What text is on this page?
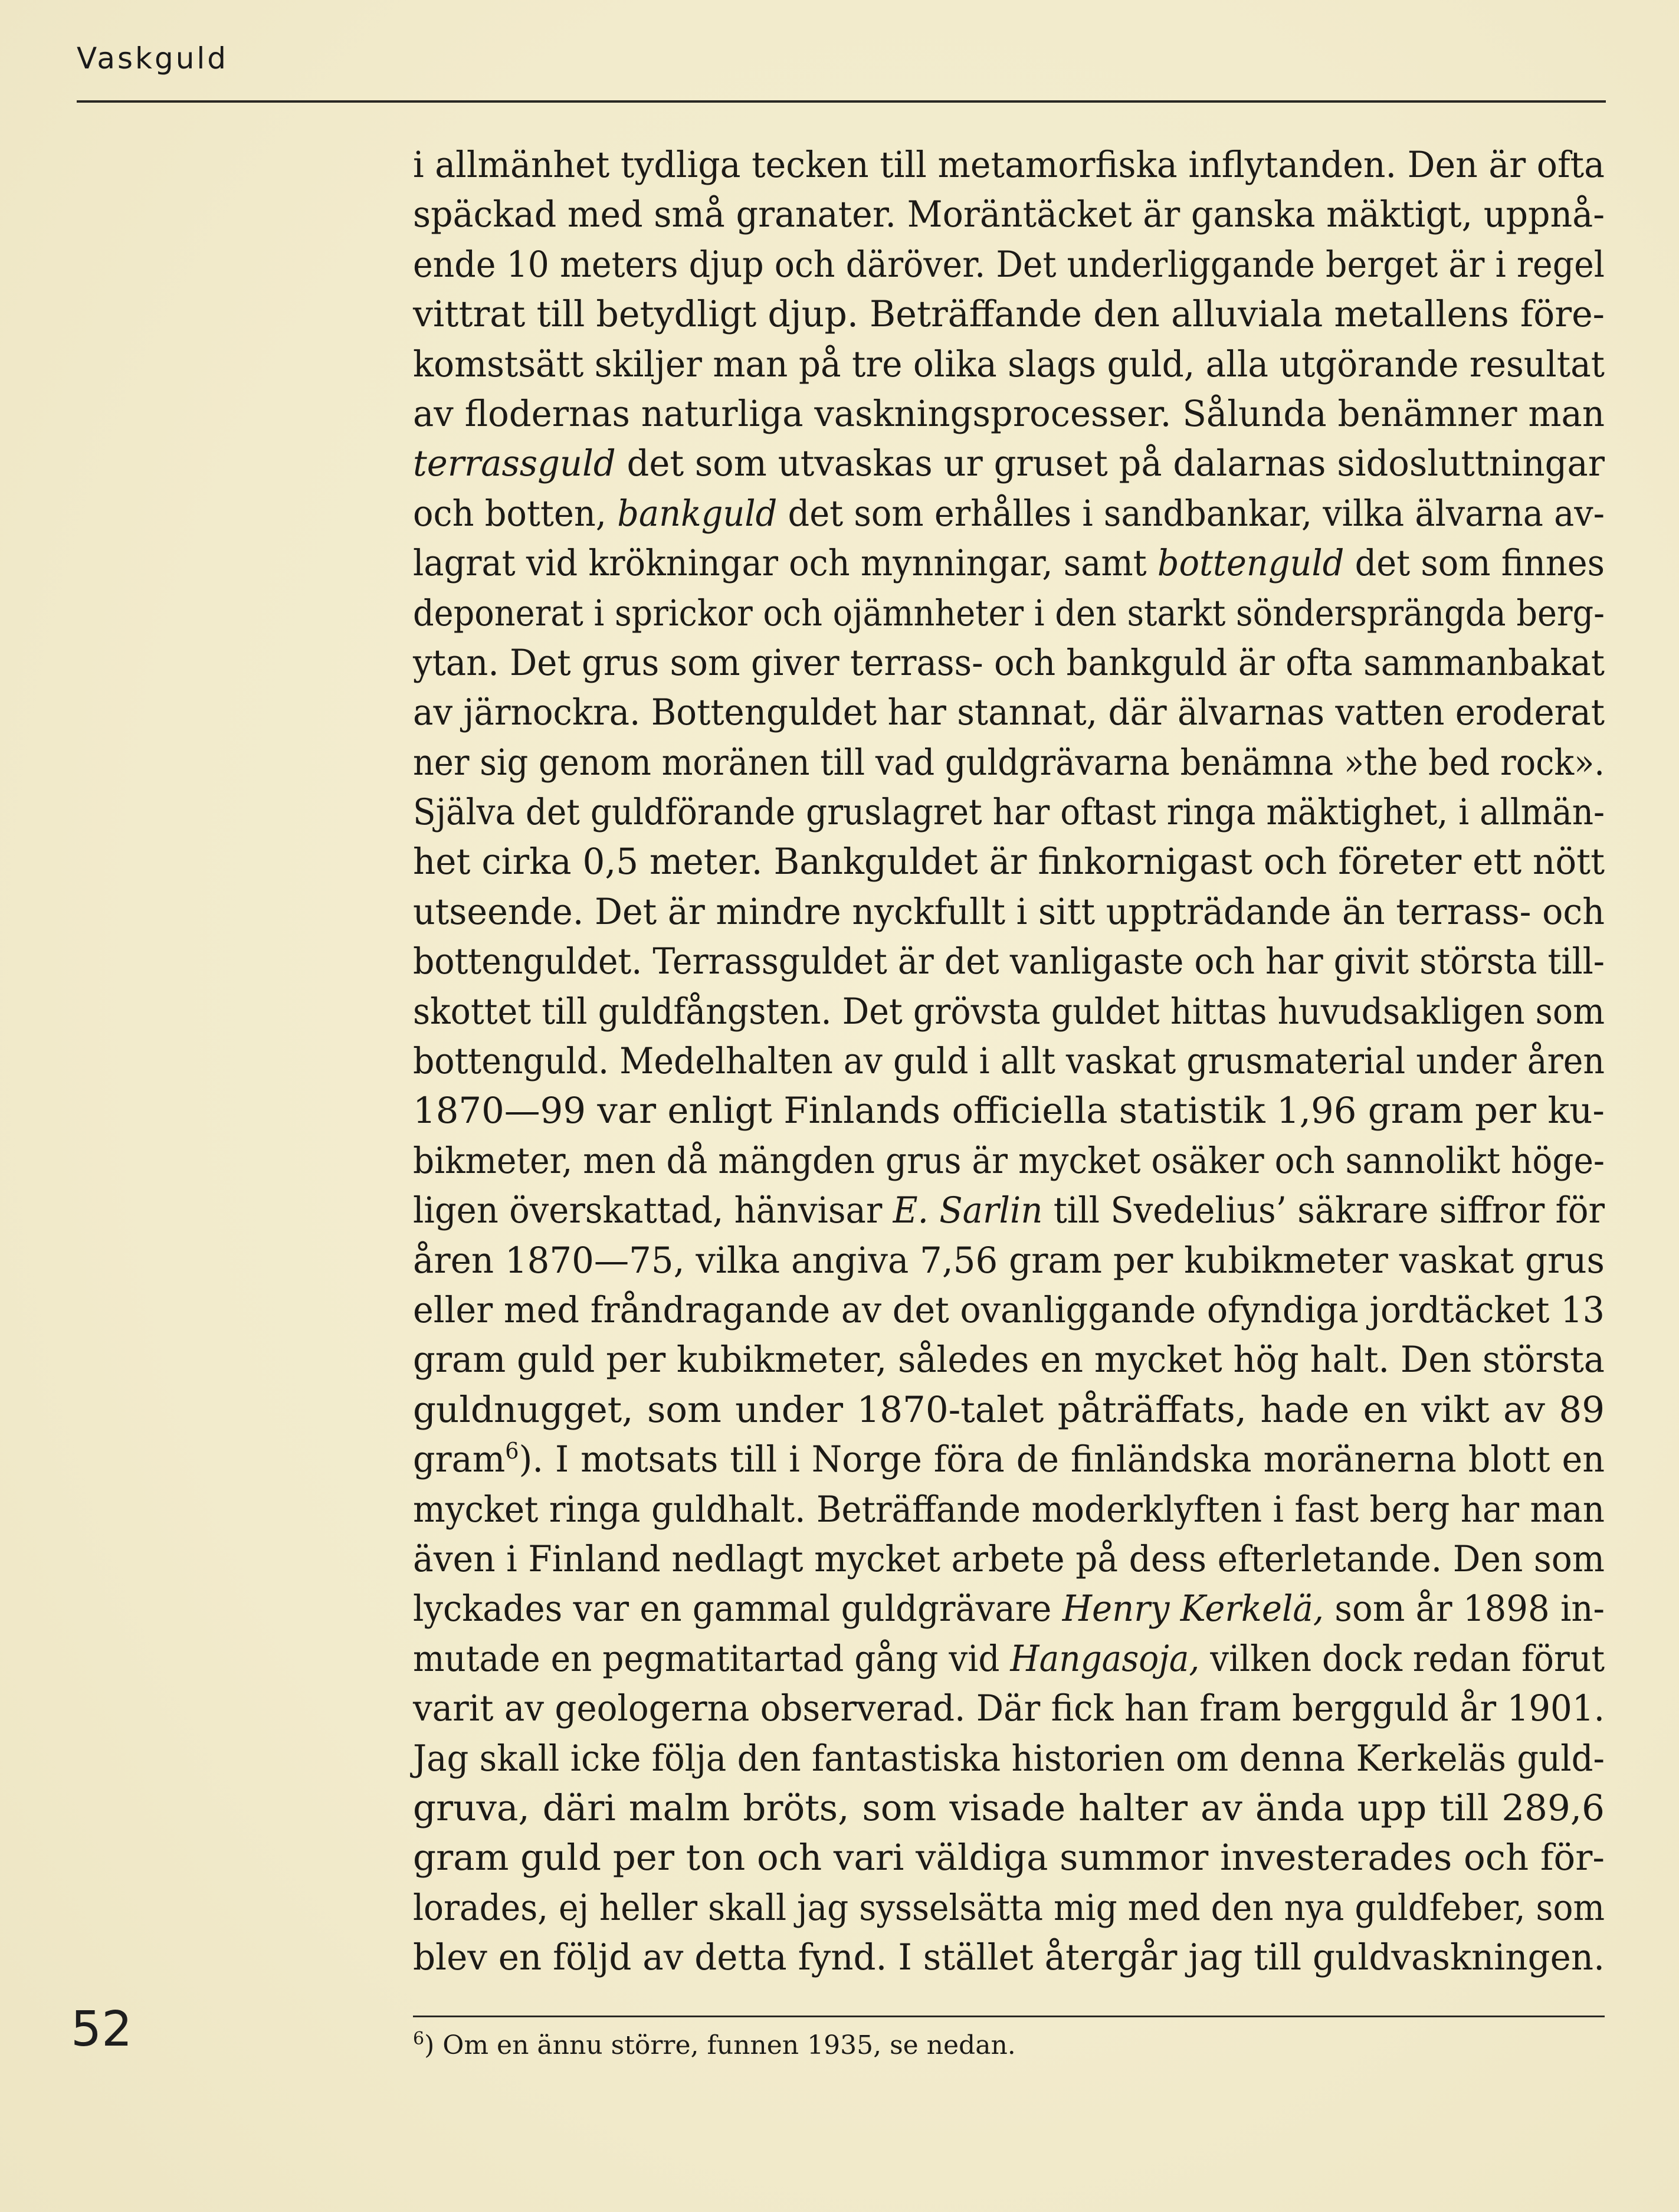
Vaskguld
i allmänhet tydliga tecken till metamorfiska inflytanden. Den är ofta
späckad med små granater. Moräntäcket är ganska mäktigt, uppnå-
ende 10 meters djup och däröver. Det underliggande berget är i regel
vittrat till betydligt djup. Beträffande den alluviala metallens före-
komstsätt skiljer man på tre olika slags guld, alla utgörande resultat
av flodernas naturliga vaskningsprocesser. Sålunda benämner man
terrassguld det som utvaskas ur gruset på dalarnas sidosluttningar
och botten, bankguld det som erhålles i sandbankar, vilka älvarna av-
lagrat vid krökningar och mynningar, samt bottenguld det som finnes
deponerat i sprickor och ojämnheter i den starkt söndersprängda berg-
ytan. Det grus som giver terrass- och bankguld är ofta sammanbakat
av järnockra. Bottenguldet har stannat, där älvarnas vatten eroderat
ner sig genom moränen till vad guldgrävarna benämna »the bed rock».
Själva det guldförande gruslagret har oftast ringa mäktighet, i allmän-
het cirka 0,5 meter. Bankguldet är finkornigast och företer ett nött
utseende. Det är mindre nyckfullt i sitt uppträdande än terrass- och
bottenguldet. Terrassguldet är det vanligaste och har givit största till-
skottet till guldfångsten. Det grövsta guldet hittas huvudsakligen som
bottenguld. Medelhalten av guld i allt vaskat grusmaterial under åren
1870—99 var enligt Finlands officiella statistik 1,96 gram per ku-
bikmeter, men då mängden grus är mycket osäker och sannolikt höge-
ligen överskattad, hänvisar E. Sarlin till Svedelius’ säkrare siffror för
åren 1870—75, vilka angiva 7,56 gram per kubikmeter vaskat grus
eller med fråndragande av det ovanliggande ofyndiga jordtäcket 13
gram guld per kubikmeter, således en mycket hög halt. Den största
guldnugget, som under 1870-talet påträffats, hade en vikt av 89
gram$^6$). I motsats till i Norge föra de finländska moränerna blott en
mycket ringa guldhalt. Beträffande moderklyften i fast berg har man
även i Finland nedlagt mycket arbete på dess efterletande. Den som
lyckades var en gammal guldgrävare Henry Kerkelä, som år 1898 in-
mutade en pegmatitartad gång vid Hangasoja, vilken dock redan förut
varit av geologerna observerad. Där fick han fram bergguld år 1901.
Jag skall icke följa den fantastiska historien om denna Kerkeläs guld-
gruva, däri malm bröts, som visade halter av ända upp till 289,6
gram guld per ton och vari väldiga summor investerades och för-
lorades, ej heller skall jag sysselsätta mig med den nya guldfeber, som
blev en följd av detta fynd. I stället återgår jag till guldvaskningen.
$^6$) Om en ännu större, funnen 1935, se nedan.
52
